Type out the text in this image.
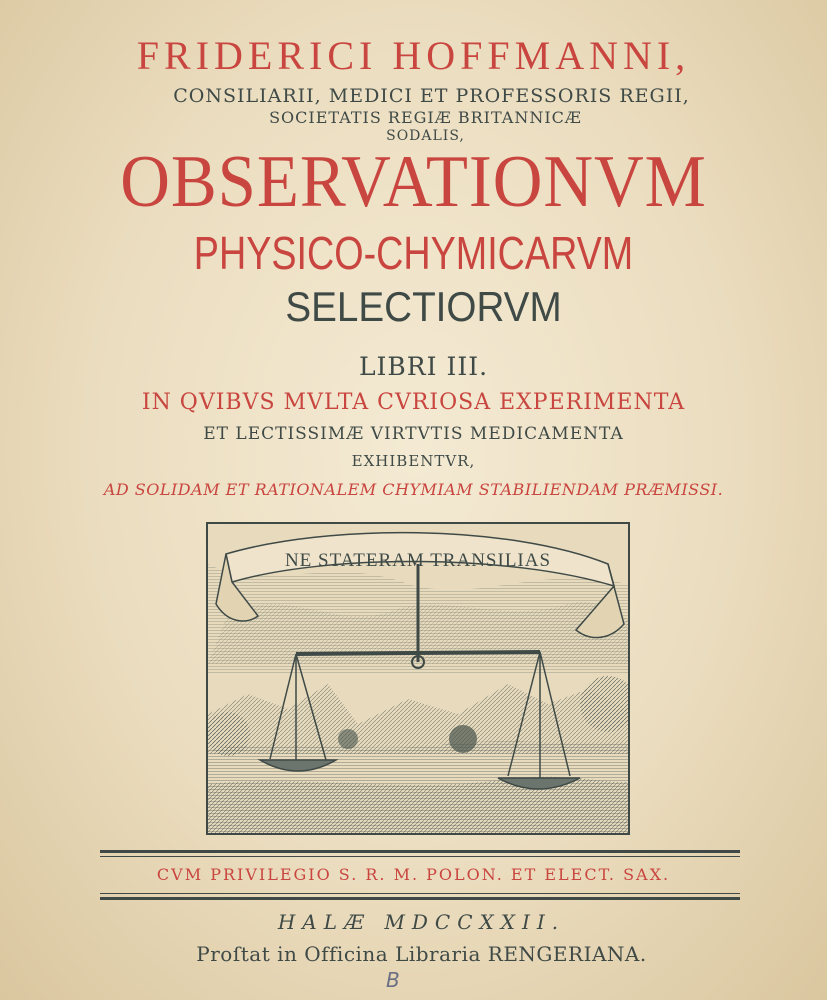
FRIDERICI HOFFMANNI,
CONSILIARII, MEDICI ET PROFESSORIS REGII,
SOCIETATIS REGIÆ BRITANNICÆ
SODALIS,
OBSERVATIONVM
PHYSICO-CHYMICARVM
SELECTIORVM
LIBRI III.
IN QVIBVS MVLTA CVRIOSA EXPERIMENTA
ET LECTISSIMÆ VIRTVTIS MEDICAMENTA
EXHIBENTVR,
AD SOLIDAM ET RATIONALEM CHYMIAM STABILIENDAM PRÆMISSI.
NE STATERAM TRANSILIAS
CVM PRIVILEGIO S. R. M. POLON. ET ELECT. SAX.
HALÆ MDCCXXII.
Proſtat in Officina Libraria RENGERIANA.
B
